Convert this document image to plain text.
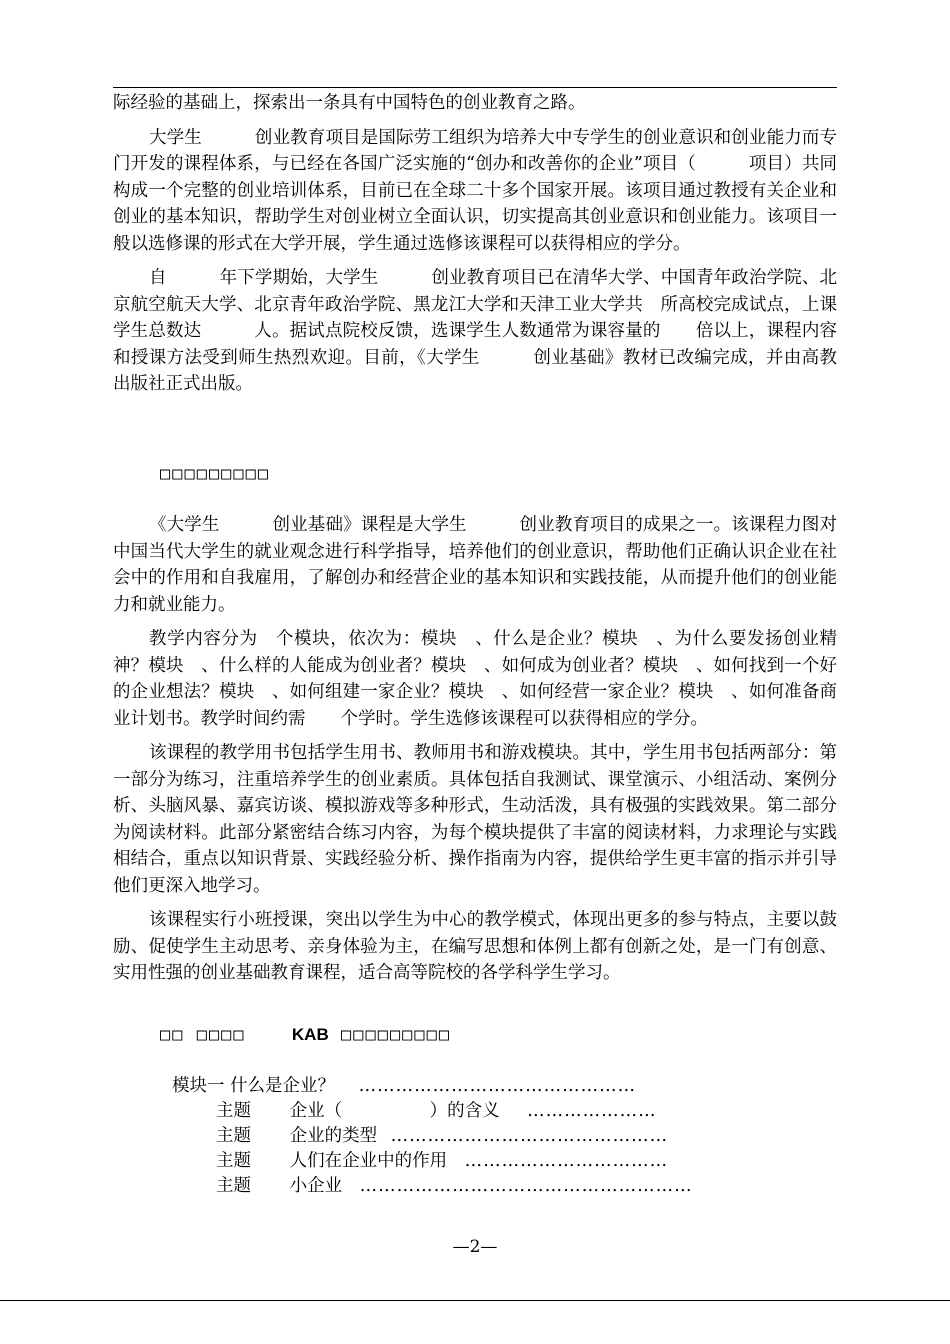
际经验的基础上，探索出一条具有中国特色的创业教育之路。

大学生　　　创业教育项目是国际劳工组织为培养大中专学生的创业意识和创业能力而专门开发的课程体系，与已经在各国广泛实施的“创办和改善你的企业”项目（　　　项目）共同构成一个完整的创业培训体系，目前已在全球二十多个国家开展。该项目通过教授有关企业和创业的基本知识，帮助学生对创业树立全面认识，切实提高其创业意识和创业能力。该项目一般以选修课的形式在大学开展，学生通过选修该课程可以获得相应的学分。

自　　　年下学期始，大学生　　　创业教育项目已在清华大学、中国青年政治学院、北京航空航天大学、北京青年政治学院、黑龙江大学和天津工业大学共　所高校完成试点，上课学生总数达　　　人。据试点院校反馈，选课学生人数通常为课容量的　　倍以上，课程内容和授课方法受到师生热烈欢迎。目前，《大学生　　　创业基础》教材已改编完成，并由高教出版社正式出版。

□□□□□□□□□

《大学生　　　创业基础》课程是大学生　　　创业教育项目的成果之一。该课程力图对中国当代大学生的就业观念进行科学指导，培养他们的创业意识，帮助他们正确认识企业在社会中的作用和自我雇用，了解创办和经营企业的基本知识和实践技能，从而提升他们的创业能力和就业能力。

教学内容分为　个模块，依次为：模块　、什么是企业？模块　、为什么要发扬创业精神？模块　、什么样的人能成为创业者？模块　、如何成为创业者？模块　、如何找到一个好的企业想法？模块　、如何组建一家企业？模块　、如何经营一家企业？模块　、如何准备商业计划书。教学时间约需　　个学时。学生选修该课程可以获得相应的学分。

该课程的教学用书包括学生用书、教师用书和游戏模块。其中，学生用书包括两部分：第一部分为练习，注重培养学生的创业素质。具体包括自我测试、课堂演示、小组活动、案例分析、头脑风暴、嘉宾访谈、模拟游戏等多种形式，生动活泼，具有极强的实践效果。第二部分为阅读材料。此部分紧密结合练习内容，为每个模块提供了丰富的阅读材料，力求理论与实践相结合，重点以知识背景、实践经验分析、操作指南为内容，提供给学生更丰富的指示并引导他们更深入地学习。

该课程实行小班授课，突出以学生为中心的教学模式，体现出更多的参与特点，主要以鼓励、促使学生主动思考、亲身体验为主，在编写思想和体例上都有创新之处，是一门有创意、实用性强的创业基础教育课程，适合高等院校的各学科学生学习。

□□ □□□□	KAB □□□□□□□□□
模块一 什么是企业？ ………………………………………
主题 企业（　　　　　）的含义 …………………
主题 企业的类型 ………………………………………
主题 人们在企业中的作用 ……………………………
主题 小企业 ………………………………………………
—2—
